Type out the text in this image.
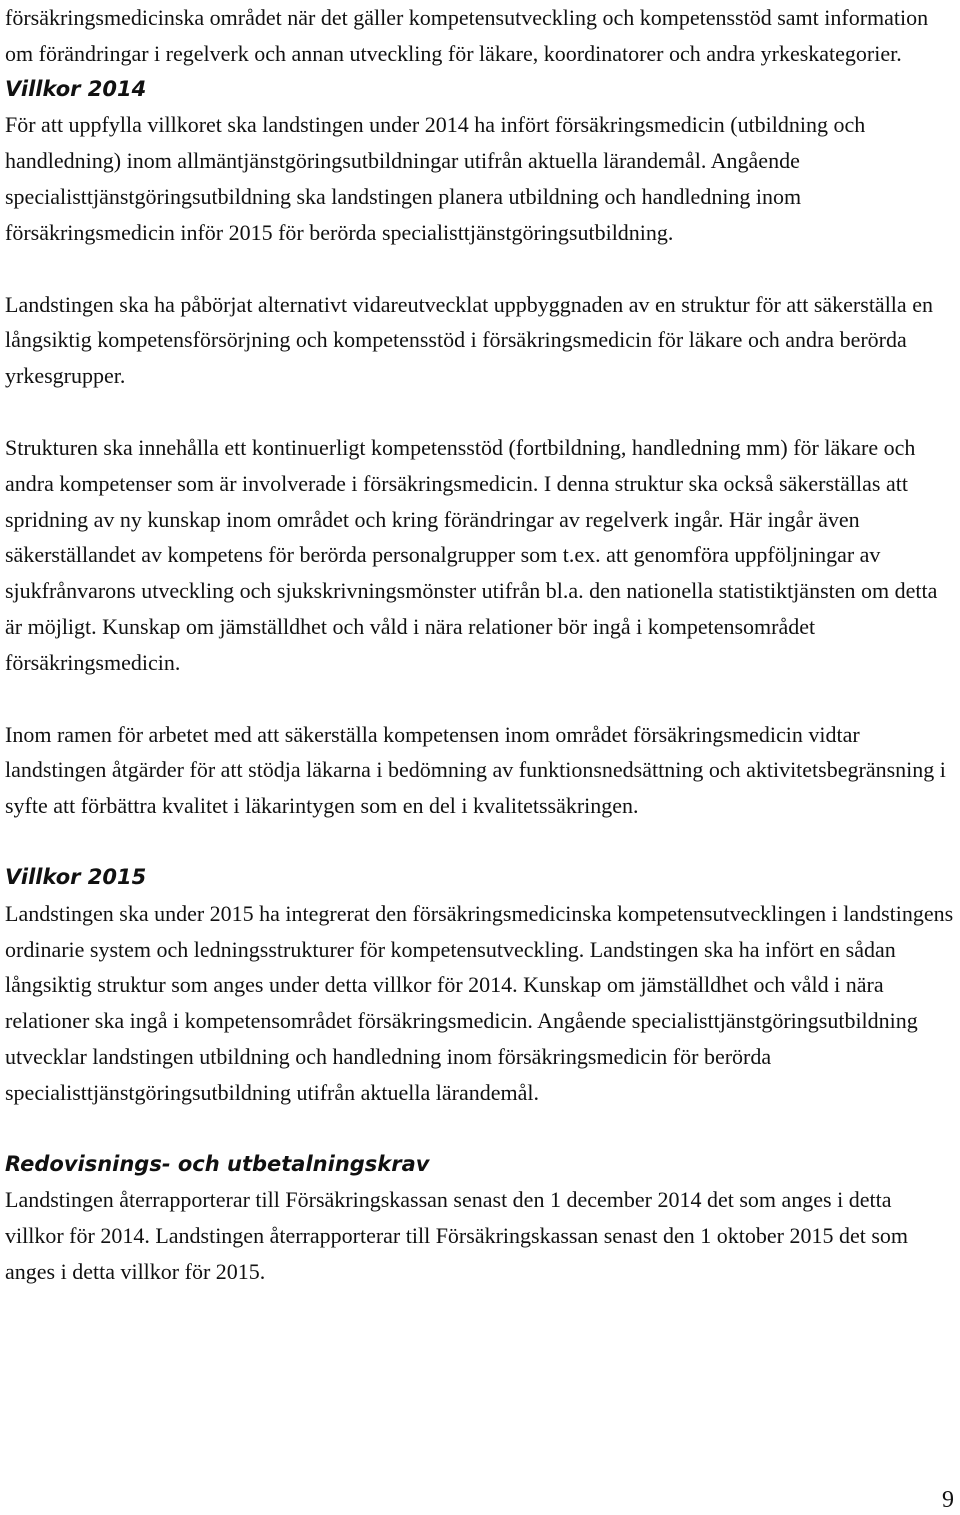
försäkringsmedicinska området när det gäller kompetensutveckling och kompetensstöd samt information om förändringar i regelverk och annan utveckling för läkare, koordinatorer och andra yrkeskategorier.

Villkor 2014

För att uppfylla villkoret ska landstingen under 2014 ha infört försäkringsmedicin (utbildning och handledning) inom allmäntjänstgöringsutbildningar utifrån aktuella lärandemål. Angående specialisttjänstgöringsutbildning ska landstingen planera utbildning och handledning inom försäkringsmedicin inför 2015 för berörda specialisttjänstgöringsutbildning.

Landstingen ska ha påbörjat alternativt vidareutvecklat uppbyggnaden av en struktur för att säkerställa en långsiktig kompetensförsörjning och kompetensstöd i försäkringsmedicin för läkare och andra berörda yrkesgrupper.

Strukturen ska innehålla ett kontinuerligt kompetensstöd (fortbildning, handledning mm) för läkare och andra kompetenser som är involverade i försäkringsmedicin. I denna struktur ska också säkerställas att spridning av ny kunskap inom området och kring förändringar av regelverk ingår. Här ingår även säkerställandet av kompetens för berörda personalgrupper som t.ex. att genomföra uppföljningar av sjukfrånvarons utveckling och sjukskrivningsmönster utifrån bl.a. den nationella statistiktjänsten om detta är möjligt. Kunskap om jämställdhet och våld i nära relationer bör ingå i kompetensområdet försäkringsmedicin.

Inom ramen för arbetet med att säkerställa kompetensen inom området försäkringsmedicin vidtar landstingen åtgärder för att stödja läkarna i bedömning av funktionsnedsättning och aktivitetsbegränsning i syfte att förbättra kvalitet i läkarintygen som en del i kvalitetssäkringen.

Villkor 2015

Landstingen ska under 2015 ha integrerat den försäkringsmedicinska kompetensutvecklingen i landstingens ordinarie system och ledningsstrukturer för kompetensutveckling. Landstingen ska ha infört en sådan långsiktig struktur som anges under detta villkor för 2014. Kunskap om jämställdhet och våld i nära relationer ska ingå i kompetensområdet försäkringsmedicin. Angående specialisttjänstgöringsutbildning utvecklar landstingen utbildning och handledning inom försäkringsmedicin för berörda specialisttjänstgöringsutbildning utifrån aktuella lärandemål.

Redovisnings- och utbetalningskrav

Landstingen återrapporterar till Försäkringskassan senast den 1 december 2014 det som anges i detta villkor för 2014. Landstingen återrapporterar till Försäkringskassan senast den 1 oktober 2015 det som anges i detta villkor för 2015.

9
